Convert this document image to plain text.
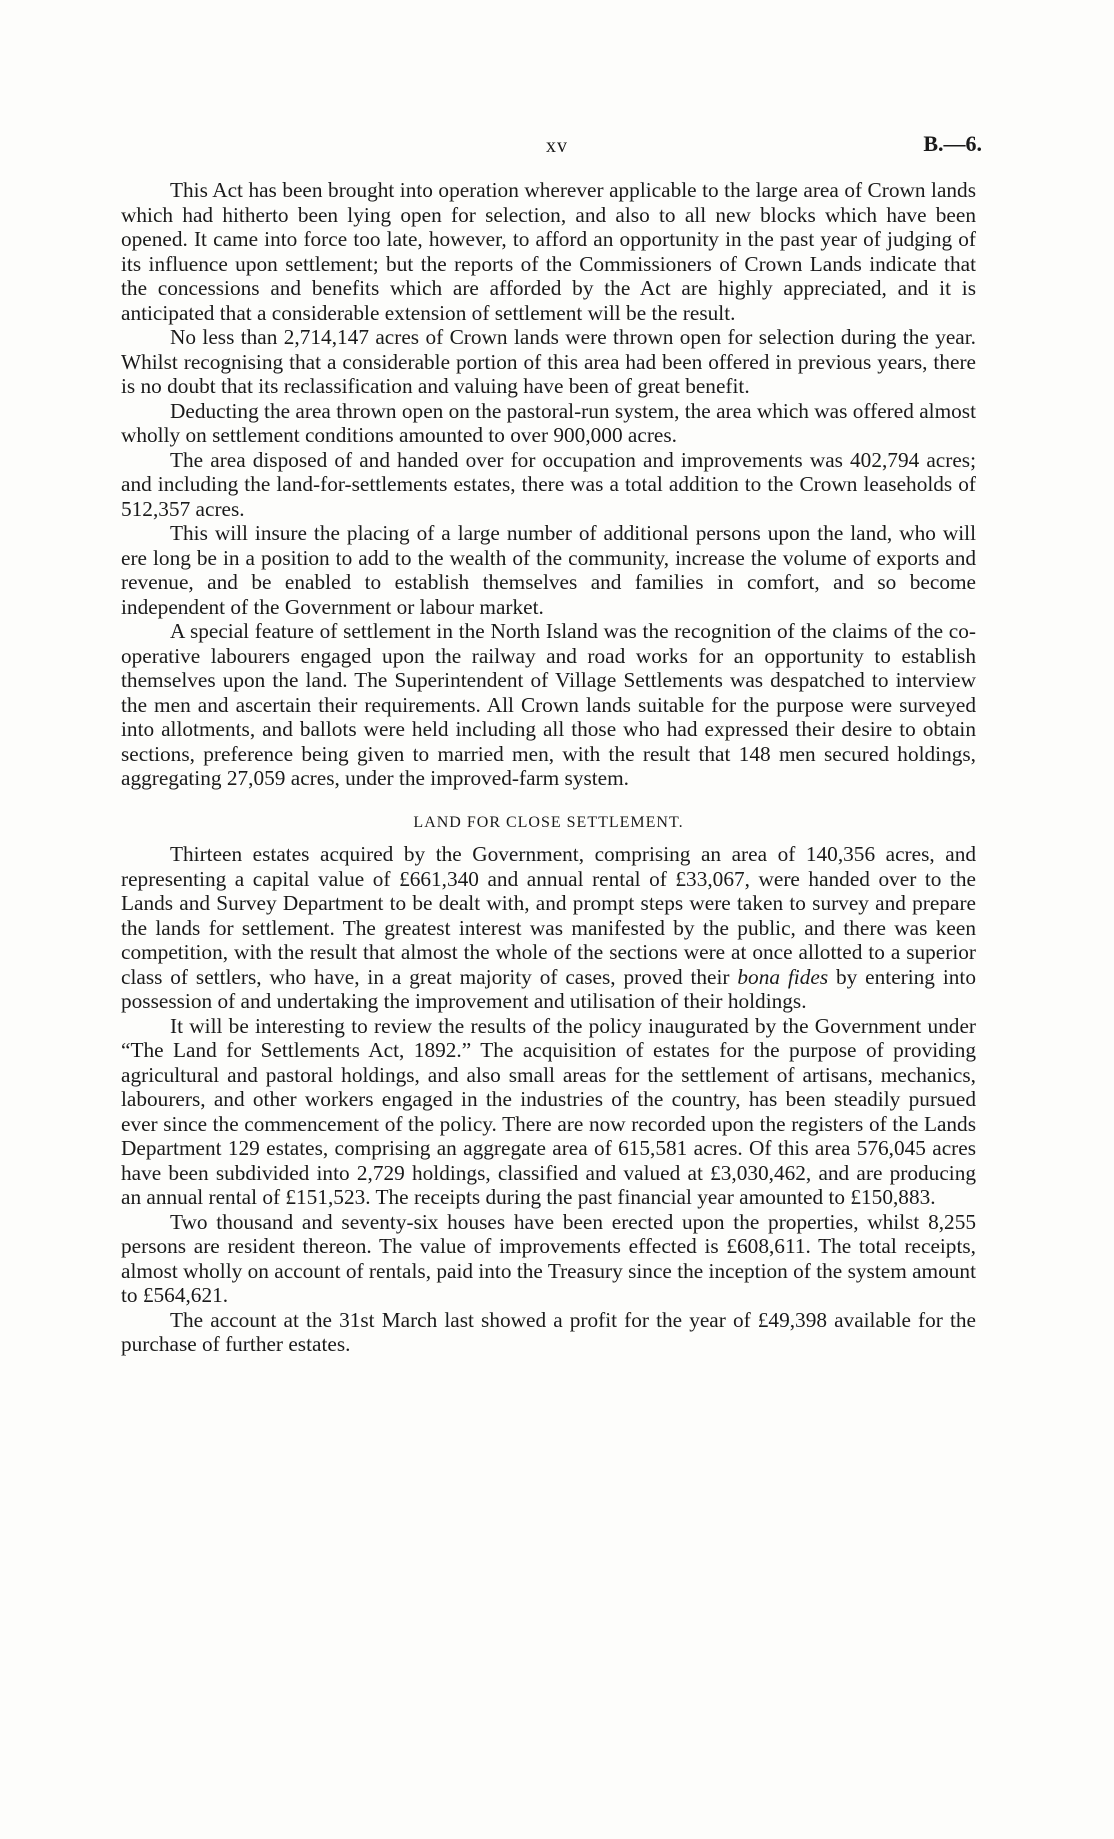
xv	B.—6.

This Act has been brought into operation wherever applicable to the large area of Crown lands which had hitherto been lying open for selection, and also to all new blocks which have been opened. It came into force too late, however, to afford an opportunity in the past year of judging of its influence upon settlement; but the reports of the Commissioners of Crown Lands indicate that the concessions and benefits which are afforded by the Act are highly appreciated, and it is anticipated that a considerable extension of settlement will be the result.

No less than 2,714,147 acres of Crown lands were thrown open for selection during the year. Whilst recognising that a considerable portion of this area had been offered in previous years, there is no doubt that its reclassification and valuing have been of great benefit.

Deducting the area thrown open on the pastoral-run system, the area which was offered almost wholly on settlement conditions amounted to over 900,000 acres.

The area disposed of and handed over for occupation and improvements was 402,794 acres; and including the land-for-settlements estates, there was a total addition to the Crown leaseholds of 512,357 acres.

This will insure the placing of a large number of additional persons upon the land, who will ere long be in a position to add to the wealth of the community, increase the volume of exports and revenue, and be enabled to establish themselves and families in comfort, and so become independent of the Government or labour market.

A special feature of settlement in the North Island was the recognition of the claims of the co-operative labourers engaged upon the railway and road works for an opportunity to establish themselves upon the land. The Superintendent of Village Settlements was despatched to interview the men and ascertain their requirements. All Crown lands suitable for the purpose were surveyed into allotments, and ballots were held including all those who had expressed their desire to obtain sections, preference being given to married men, with the result that 148 men secured holdings, aggregating 27,059 acres, under the improved-farm system.

LAND FOR CLOSE SETTLEMENT.

Thirteen estates acquired by the Government, comprising an area of 140,356 acres, and representing a capital value of £661,340 and annual rental of £33,067, were handed over to the Lands and Survey Department to be dealt with, and prompt steps were taken to survey and prepare the lands for settlement. The greatest interest was manifested by the public, and there was keen competition, with the result that almost the whole of the sections were at once allotted to a superior class of settlers, who have, in a great majority of cases, proved their bona fides by entering into possession of and undertaking the improvement and utilisation of their holdings.

It will be interesting to review the results of the policy inaugurated by the Government under “The Land for Settlements Act, 1892.” The acquisition of estates for the purpose of providing agricultural and pastoral holdings, and also small areas for the settlement of artisans, mechanics, labourers, and other workers engaged in the industries of the country, has been steadily pursued ever since the commencement of the policy. There are now recorded upon the registers of the Lands Department 129 estates, comprising an aggregate area of 615,581 acres. Of this area 576,045 acres have been subdivided into 2,729 holdings, classified and valued at £3,030,462, and are producing an annual rental of £151,523. The receipts during the past financial year amounted to £150,883.

Two thousand and seventy-six houses have been erected upon the properties, whilst 8,255 persons are resident thereon. The value of improvements effected is £608,611. The total receipts, almost wholly on account of rentals, paid into the Treasury since the inception of the system amount to £564,621.

The account at the 31st March last showed a profit for the year of £49,398 available for the purchase of further estates.
